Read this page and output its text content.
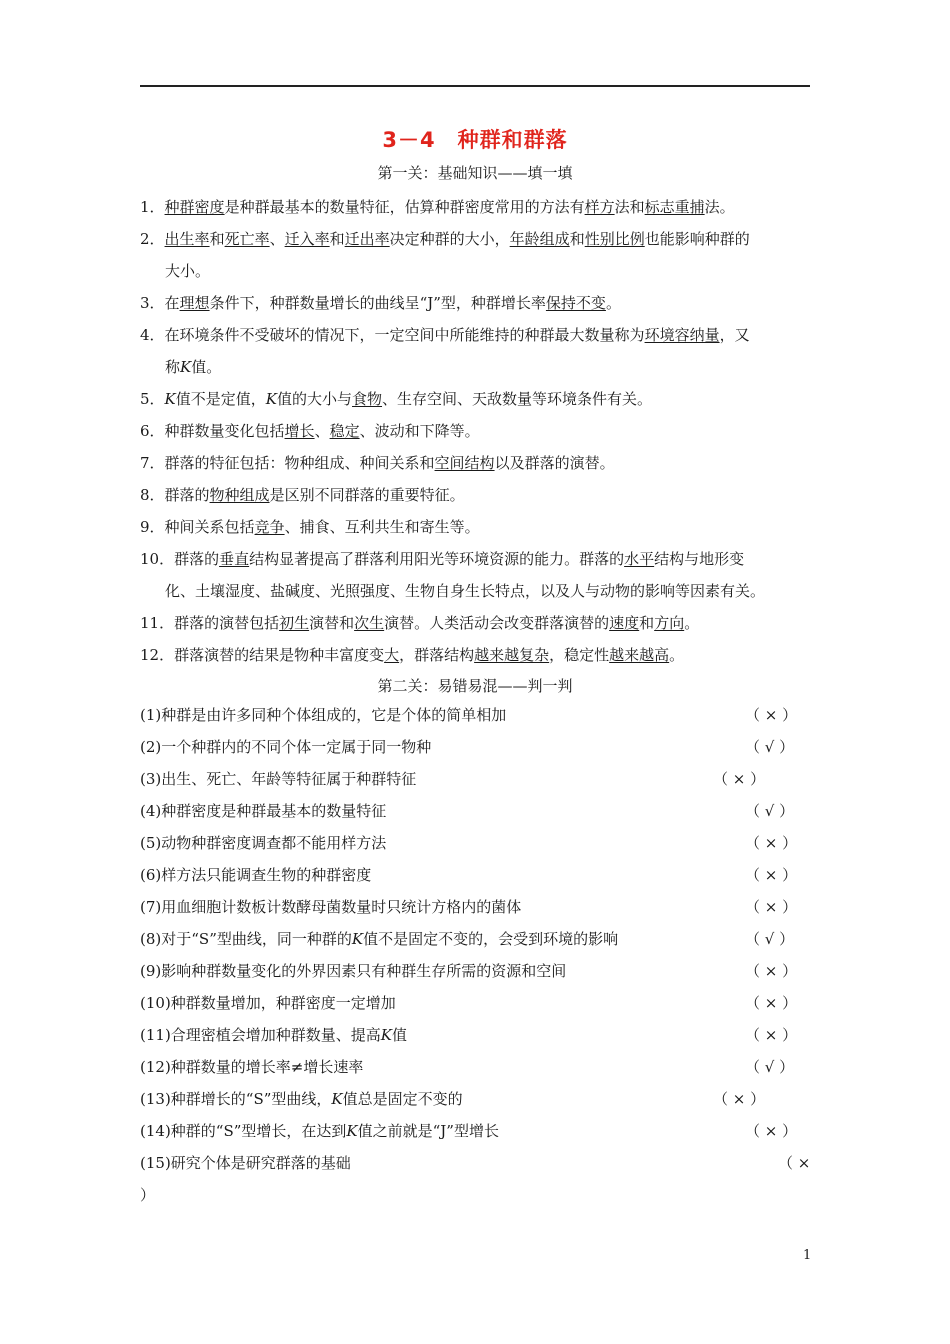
3－4　种群和群落
第一关：基础知识——填一填
1．种群密度是种群最基本的数量特征，估算种群密度常用的方法有样方法和标志重捕法。
2．出生率和死亡率、迁入率和迁出率决定种群的大小，年龄组成和性别比例也能影响种群的
大小。
3．在理想条件下，种群数量增长的曲线呈“J”型，种群增长率保持不变。
4．在环境条件不受破坏的情况下，一定空间中所能维持的种群最大数量称为环境容纳量，又
称K值。
5．K值不是定值，K值的大小与食物、生存空间、天敌数量等环境条件有关。
6．种群数量变化包括增长、稳定、波动和下降等。
7．群落的特征包括：物种组成、种间关系和空间结构以及群落的演替。
8．群落的物种组成是区别不同群落的重要特征。
9．种间关系包括竞争、捕食、互利共生和寄生等。
10．群落的垂直结构显著提高了群落利用阳光等环境资源的能力。群落的水平结构与地形变
化、土壤湿度、盐碱度、光照强度、生物自身生长特点，以及人与动物的影响等因素有关。
11．群落的演替包括初生演替和次生演替。人类活动会改变群落演替的速度和方向。
12．群落演替的结果是物种丰富度变大，群落结构越来越复杂，稳定性越来越高。
第二关：易错易混——判一判
(1)种群是由许多同种个体组成的，它是个体的简单相加	（ × ）
(2)一个种群内的不同个体一定属于同一物种	（ √ ）
(3)出生、死亡、年龄等特征属于种群特征	（ × ）
(4)种群密度是种群最基本的数量特征	（ √ ）
(5)动物种群密度调查都不能用样方法	（ × ）
(6)样方法只能调查生物的种群密度	（ × ）
(7)用血细胞计数板计数酵母菌数量时只统计方格内的菌体	（ × ）
(8)对于“S”型曲线，同一种群的K值不是固定不变的，会受到环境的影响	（ √ ）
(9)影响种群数量变化的外界因素只有种群生存所需的资源和空间	（ × ）
(10)种群数量增加，种群密度一定增加	（ × ）
(11)合理密植会增加种群数量、提高K值	（ × ）
(12)种群数量的增长率≠增长速率	（ √ ）
(13)种群增长的“S”型曲线，K值总是固定不变的	（ × ）
(14)种群的“S”型增长，在达到K值之前就是“J”型增长	（ × ）
(15)研究个体是研究群落的基础	（ ×
）
1
